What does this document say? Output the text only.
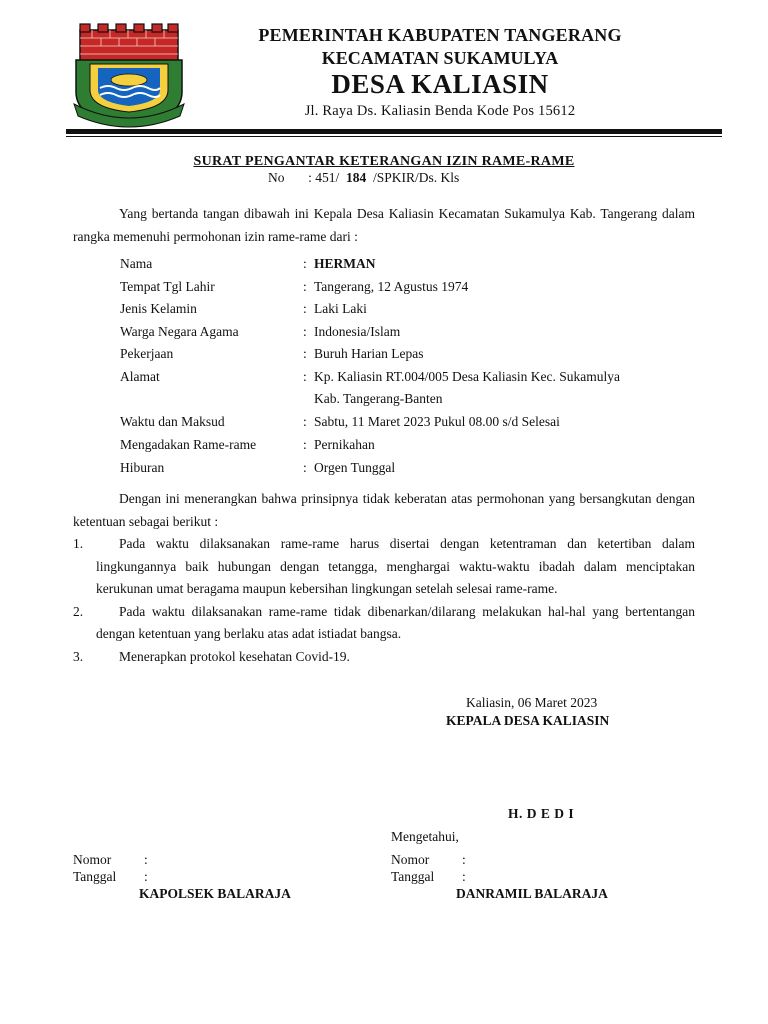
PEMERINTAH KABUPATEN TANGERANG
KECAMATAN SUKAMULYA
DESA KALIASIN
Jl. Raya Ds. Kaliasin Benda Kode Pos 15612
SURAT PENGANTAR KETERANGAN IZIN RAME-RAME
No : 451/ 184 /SPKIR/Ds. Kls
Yang bertanda tangan dibawah ini Kepala Desa Kaliasin Kecamatan Sukamulya Kab. Tangerang dalam rangka memenuhi permohonan izin rame-rame dari :
Nama	: HERMAN
Tempat Tgl Lahir	: Tangerang, 12 Agustus 1974
Jenis Kelamin	: Laki Laki
Warga Negara Agama	: Indonesia/Islam
Pekerjaan	: Buruh Harian Lepas
Alamat	: Kp. Kaliasin RT.004/005 Desa Kaliasin Kec. Sukamulya
Kab. Tangerang-Banten
Waktu dan Maksud	: Sabtu, 11 Maret 2023 Pukul 08.00 s/d Selesai
Mengadakan Rame-rame	: Pernikahan
Hiburan	: Orgen Tunggal
Dengan ini menerangkan bahwa prinsipnya tidak keberatan atas permohonan yang bersangkutan dengan ketentuan sebagai berikut :
1.	Pada waktu dilaksanakan rame-rame harus disertai dengan ketentraman dan ketertiban dalam lingkungannya baik hubungan dengan tetangga, menghargai waktu-waktu ibadah dalam menciptakan kerukunan umat beragama maupun kebersihan lingkungan setelah selesai rame-rame.
2.	Pada waktu dilaksanakan rame-rame tidak dibenarkan/dilarang melakukan hal-hal yang bertentangan dengan ketentuan yang berlaku atas adat istiadat bangsa.
3.	Menerapkan protokol kesehatan Covid-19.
Kaliasin, 06 Maret 2023
KEPALA DESA KALIASIN
H. D E D I
Mengetahui,
Nomor :
Tanggal :
KAPOLSEK BALARAJA
Nomor :
Tanggal :
DANRAMIL BALARAJA
